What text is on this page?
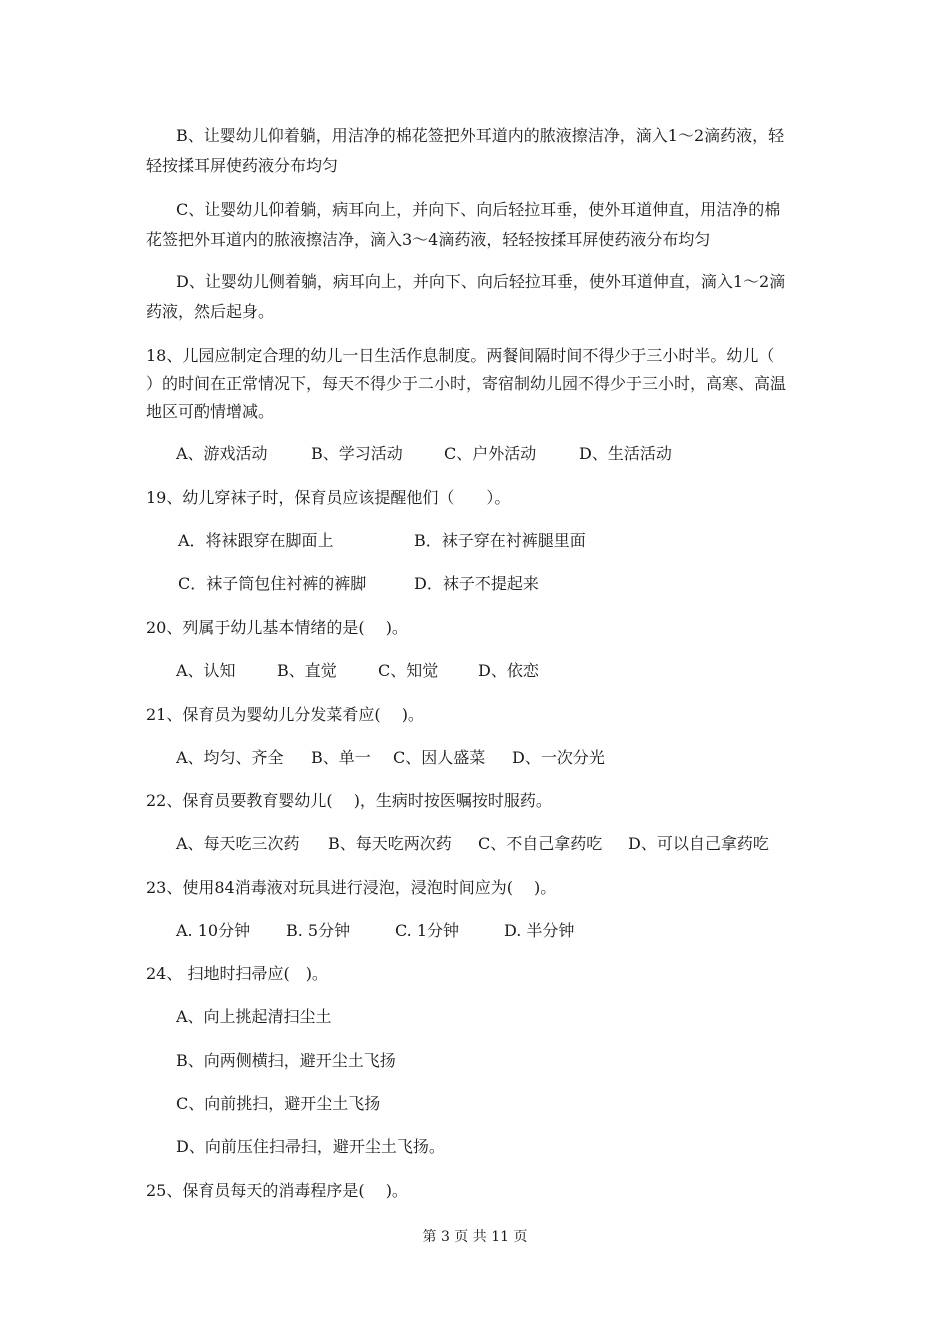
B、让婴幼儿仰着躺，用洁净的棉花签把外耳道内的脓液擦洁净，滴入1～2滴药液，轻
轻按揉耳屏使药液分布均匀
C、让婴幼儿仰着躺，病耳向上，并向下、向后轻拉耳垂，使外耳道伸直，用洁净的棉
花签把外耳道内的脓液擦洁净，滴入3～4滴药液，轻轻按揉耳屏使药液分布均匀
D、让婴幼儿侧着躺，病耳向上，并向下、向后轻拉耳垂，使外耳道伸直，滴入1～2滴
药液，然后起身。
18、儿园应制定合理的幼儿一日生活作息制度。两餐间隔时间不得少于三小时半。幼儿（
）的时间在正常情况下，每天不得少于二小时，寄宿制幼儿园不得少于三小时，高寒、高温
地区可酌情增减。
A、游戏活动	B、学习活动	C、户外活动	D、生活活动
19、幼儿穿袜子时，保育员应该提醒他们（　　）。
A．将袜跟穿在脚面上	B．袜子穿在衬裤腿里面
C．袜子筒包住衬裤的裤脚	D．袜子不提起来
20、列属于幼儿基本情绪的是(　 )。
A、认知	B、直觉	C、知觉 D、依恋
21、保育员为婴幼儿分发菜肴应(　 )。
A、均匀、齐全 B、单一 C、因人盛菜 D、一次分光
22、保育员要教育婴幼儿(　 )，生病时按医嘱按时服药。
A、每天吃三次药 B、每天吃两次药 C、不自己拿药吃 D、可以自己拿药吃
23、使用84消毒液对玩具进行浸泡，浸泡时间应为(　 )。
A. 10分钟 B. 5分钟	C. 1分钟	D. 半分钟
24、 扫地时扫帚应(　)。
A、向上挑起清扫尘土
B、向两侧横扫，避开尘土飞扬
C、向前挑扫，避开尘土飞扬
D、向前压住扫帚扫，避开尘土飞扬。
25、保育员每天的消毒程序是(　 )。
第 3 页 共 11 页
